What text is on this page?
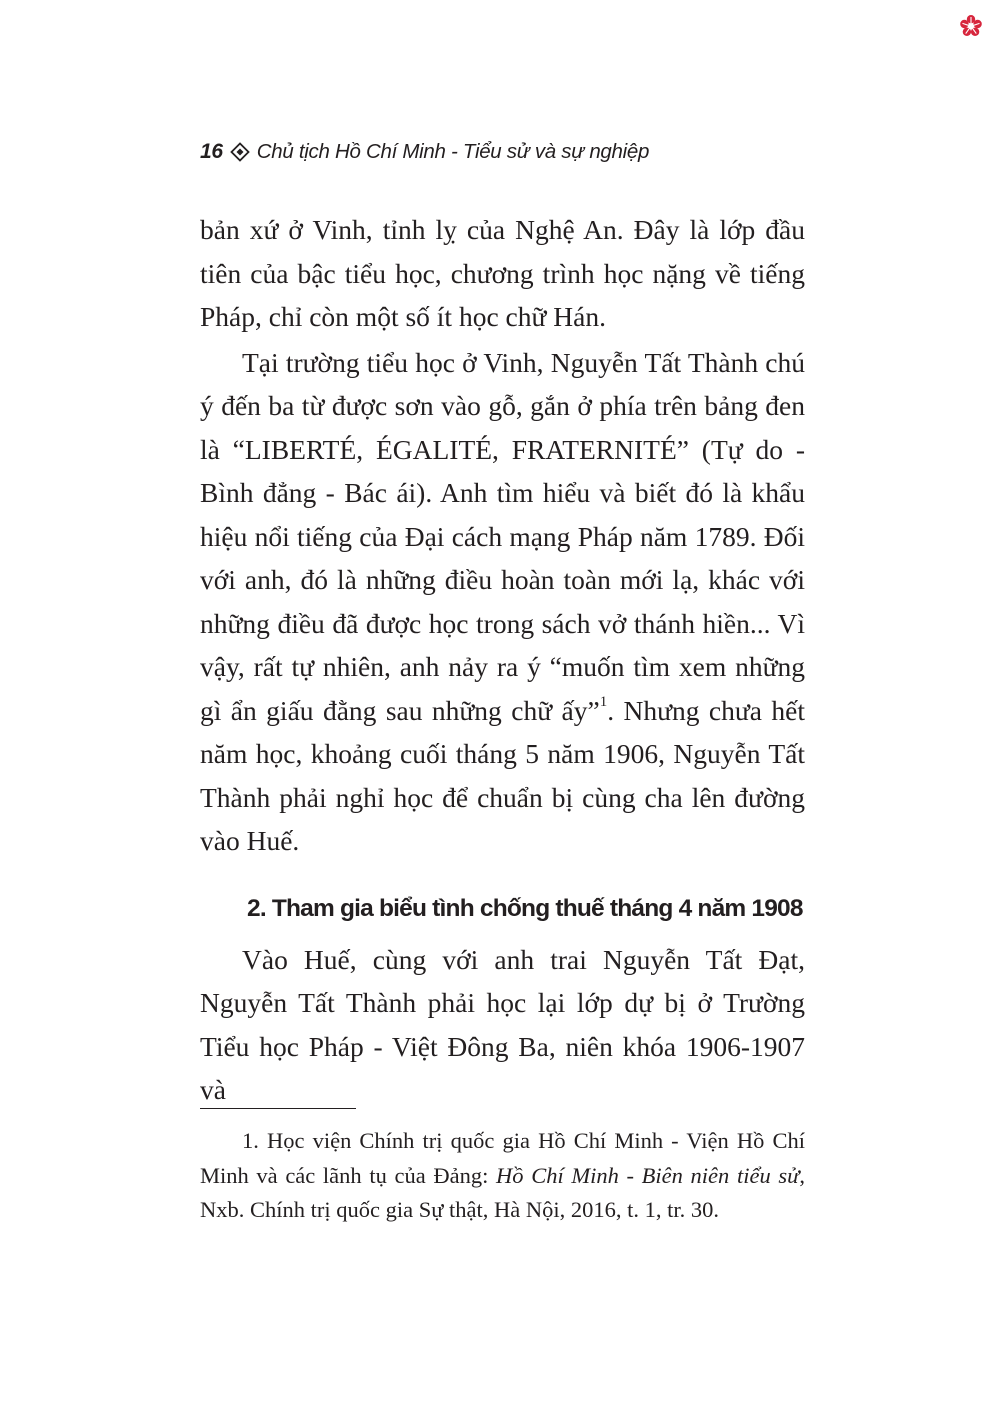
16 Chủ tịch Hồ Chí Minh - Tiểu sử và sự nghiệp

bản xứ ở Vinh, tỉnh lỵ của Nghệ An. Đây là lớp đầu tiên của bậc tiểu học, chương trình học nặng về tiếng Pháp, chỉ còn một số ít học chữ Hán.

Tại trường tiểu học ở Vinh, Nguyễn Tất Thành chú ý đến ba từ được sơn vào gỗ, gắn ở phía trên bảng đen là “LIBERTÉ, ÉGALITÉ, FRATERNITÉ” (Tự do - Bình đẳng - Bác ái). Anh tìm hiểu và biết đó là khẩu hiệu nổi tiếng của Đại cách mạng Pháp năm 1789. Đối với anh, đó là những điều hoàn toàn mới lạ, khác với những điều đã được học trong sách vở thánh hiền... Vì vậy, rất tự nhiên, anh nảy ra ý “muốn tìm xem những gì ẩn giấu đằng sau những chữ ấy”$^1$. Nhưng chưa hết năm học, khoảng cuối tháng 5 năm 1906, Nguyễn Tất Thành phải nghỉ học để chuẩn bị cùng cha lên đường vào Huế.

2. Tham gia biểu tình chống thuế tháng 4 năm 1908

Vào Huế, cùng với anh trai Nguyễn Tất Đạt, Nguyễn Tất Thành phải học lại lớp dự bị ở Trường Tiểu học Pháp - Việt Đông Ba, niên khóa 1906-1907 và

1. Học viện Chính trị quốc gia Hồ Chí Minh - Viện Hồ Chí Minh và các lãnh tụ của Đảng: Hồ Chí Minh - Biên niên tiểu sử, Nxb. Chính trị quốc gia Sự thật, Hà Nội, 2016, t. 1, tr. 30.
